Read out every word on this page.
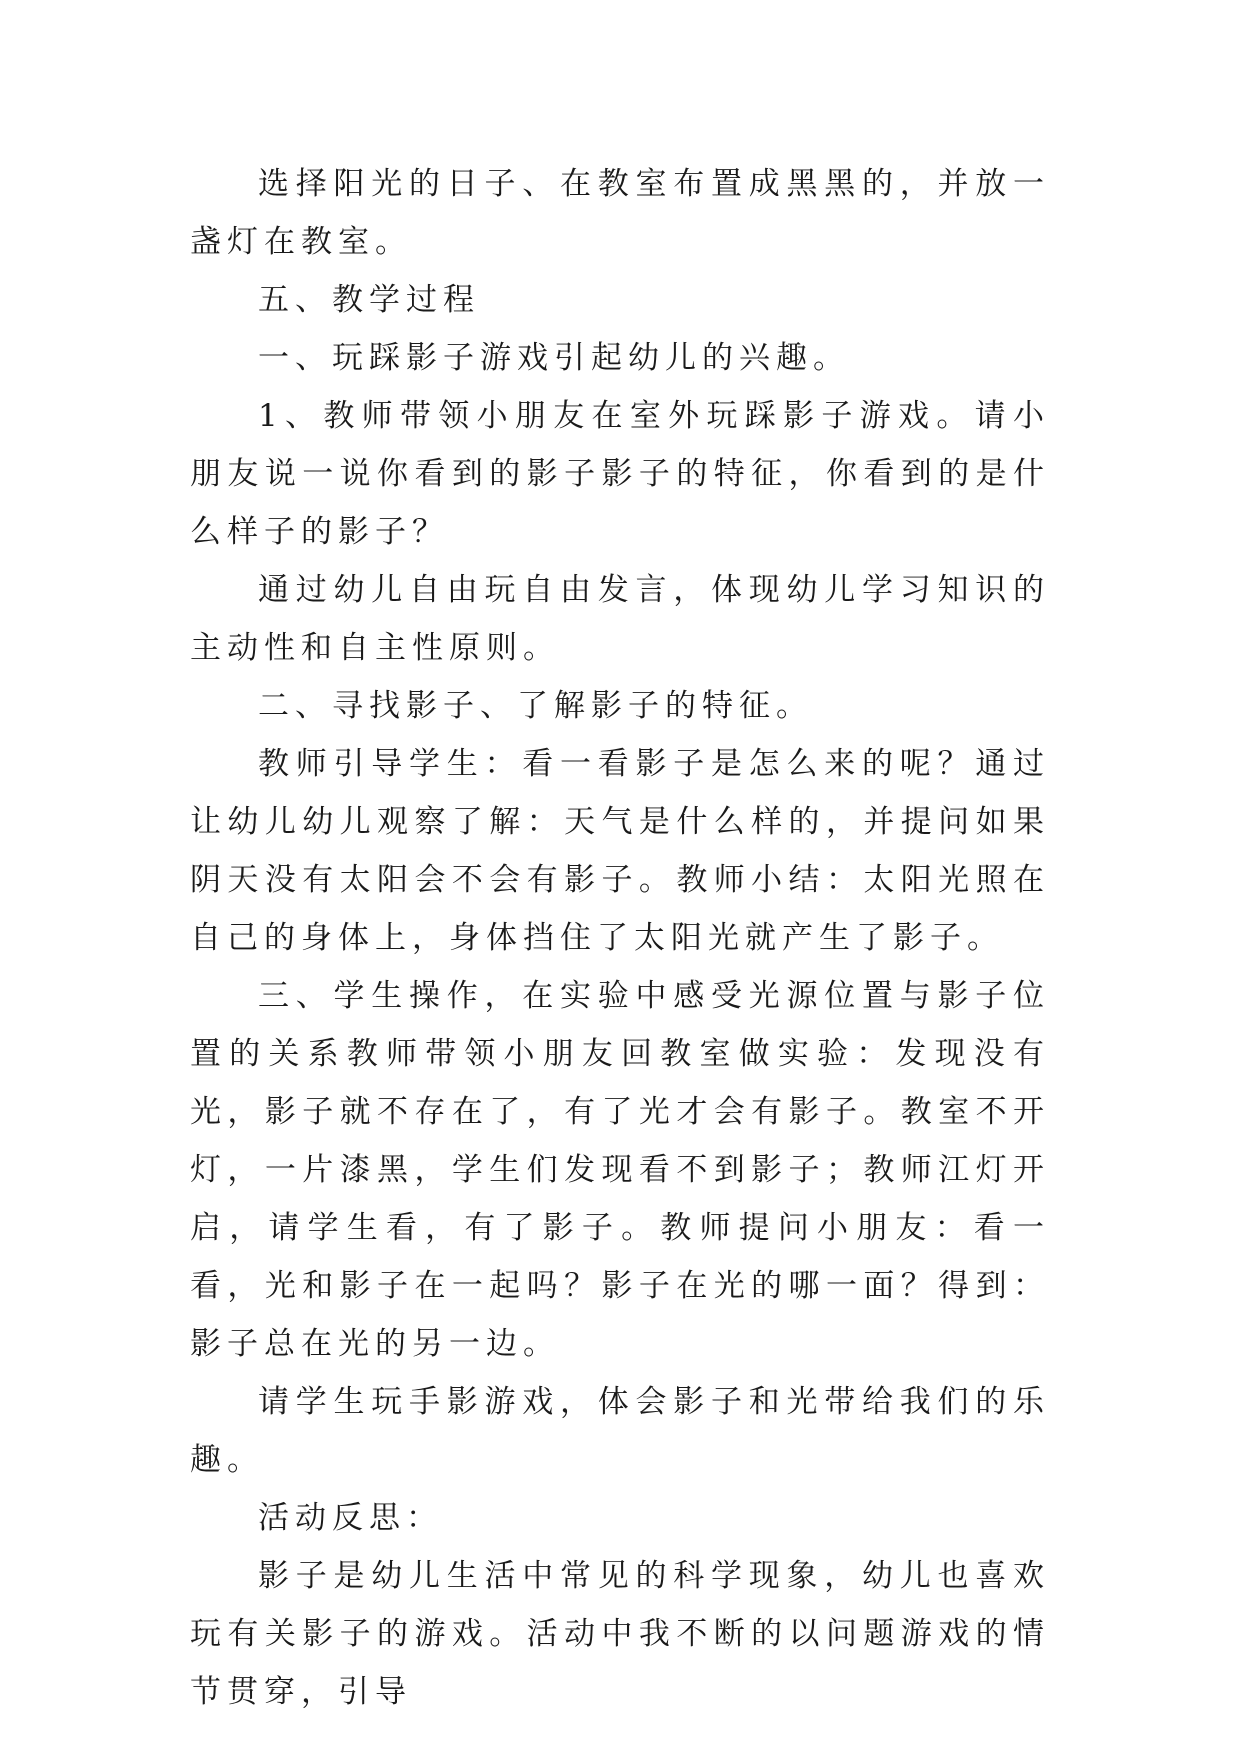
选择阳光的日子、在教室布置成黑黑的，并放一盏灯在教室。

五、教学过程

一、玩踩影子游戏引起幼儿的兴趣。

1、教师带领小朋友在室外玩踩影子游戏。请小朋友说一说你看到的影子影子的特征，你看到的是什么样子的影子？

通过幼儿自由玩自由发言，体现幼儿学习知识的主动性和自主性原则。

二、寻找影子、了解影子的特征。

教师引导学生：看一看影子是怎么来的呢？通过让幼儿幼儿观察了解：天气是什么样的，并提问如果阴天没有太阳会不会有影子。教师小结：太阳光照在自己的身体上，身体挡住了太阳光就产生了影子。

三、学生操作，在实验中感受光源位置与影子位置的关系教师带领小朋友回教室做实验：发现没有光，影子就不存在了，有了光才会有影子。教室不开灯，一片漆黑，学生们发现看不到影子；教师江灯开启，请学生看，有了影子。教师提问小朋友：看一看，光和影子在一起吗？影子在光的哪一面？得到：影子总在光的另一边。

请学生玩手影游戏，体会影子和光带给我们的乐趣。

活动反思：

影子是幼儿生活中常见的科学现象，幼儿也喜欢玩有关影子的游戏。活动中我不断的以问题游戏的情节贯穿，引导
